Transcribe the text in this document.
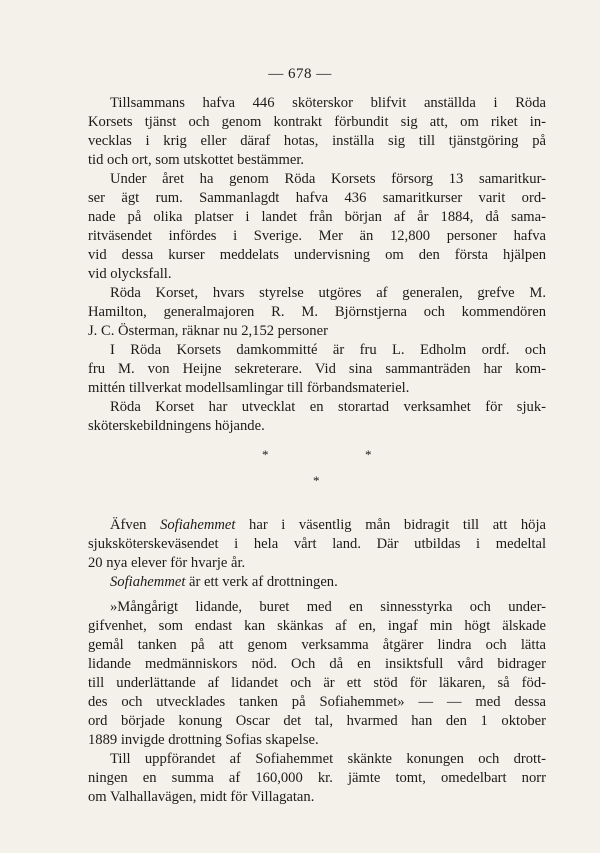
— 678 —
Tillsammans hafva 446 sköterskor blifvit anställda i Röda
Korsets tjänst och genom kontrakt förbundit sig att, om riket in-
vecklas i krig eller däraf hotas, inställa sig till tjänstgöring på
tid och ort, som utskottet bestämmer.
Under året ha genom Röda Korsets försorg 13 samaritkur-
ser ägt rum. Sammanlagdt hafva 436 samaritkurser varit ord-
nade på olika platser i landet från början af år 1884, då sama-
ritväsendet infördes i Sverige. Mer än 12,800 personer hafva
vid dessa kurser meddelats undervisning om den första hjälpen
vid olycksfall.
Röda Korset, hvars styrelse utgöres af generalen, grefve M.
Hamilton, generalmajoren R. M. Björnstjerna och kommendören
J. C. Österman, räknar nu 2,152 personer
I Röda Korsets damkommitté är fru L. Edholm ordf. och
fru M. von Heijne sekreterare. Vid sina sammanträden har kom-
mittén tillverkat modellsamlingar till förbandsmateriel.
Röda Korset har utvecklat en storartad verksamhet för sjuk-
sköterskebildningens höjande.
*	*
*
Äfven Sofiahemmet har i väsentlig mån bidragit till att höja
sjuksköterskeväsendet i hela vårt land. Där utbildas i medeltal
20 nya elever för hvarje år.
Sofiahemmet är ett verk af drottningen.
»Mångårigt lidande, buret med en sinnesstyrka och under-
gifvenhet, som endast kan skänkas af en, ingaf min högt älskade
gemål tanken på att genom verksamma åtgärer lindra och lätta
lidande medmänniskors nöd. Och då en insiktsfull vård bidrager
till underlättande af lidandet och är ett stöd för läkaren, så föd-
des och utvecklades tanken på Sofiahemmet» — — med dessa
ord började konung Oscar det tal, hvarmed han den 1 oktober
1889 invigde drottning Sofias skapelse.
Till uppförandet af Sofiahemmet skänkte konungen och drott-
ningen en summa af 160,000 kr. jämte tomt, omedelbart norr
om Valhallavägen, midt för Villagatan.
